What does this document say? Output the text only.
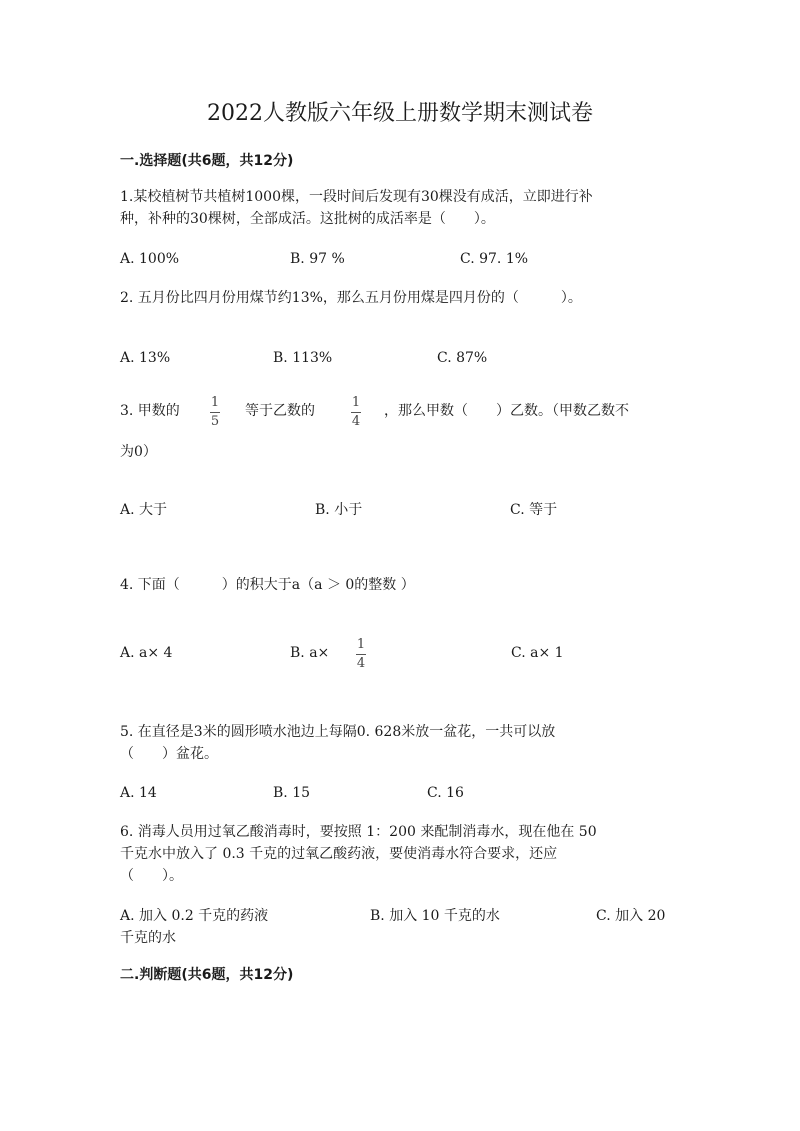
2022人教版六年级上册数学期末测试卷
一.选择题(共6题，共12分)
1.某校植树节共植树1000棵，一段时间后发现有30棵没有成活，立即进行补
种，补种的30棵树，全部成活。这批树的成活率是（　　）。
A. 100%	B. 97 %	C. 97. 1%
2. 五月份比四月份用煤节约13%，那么五月份用煤是四月份的（　　　）。
A. 13%	B. 113%	C. 87%
3. 甲数的
1
5
等于乙数的
1
4
，那么甲数（　　）乙数。（甲数乙数不
为0）
A. 大于	B. 小于	C. 等于
4. 下面（　　　）的积大于a（a ＞ 0的整数 ）
A. a× 4	B. a×
1
4
C. a× 1
5. 在直径是3米的圆形喷水池边上每隔0. 628米放一盆花，一共可以放
（　　）盆花。
A. 14	B. 15	C. 16
6. 消毒人员用过氧乙酸消毒时，要按照 1：200 来配制消毒水，现在他在 50
千克水中放入了 0.3 千克的过氧乙酸药液，要使消毒水符合要求，还应
（　　）。
A. 加入 0.2 千克的药液	B. 加入 10 千克的水	C. 加入 20
千克的水
二.判断题(共6题，共12分)
